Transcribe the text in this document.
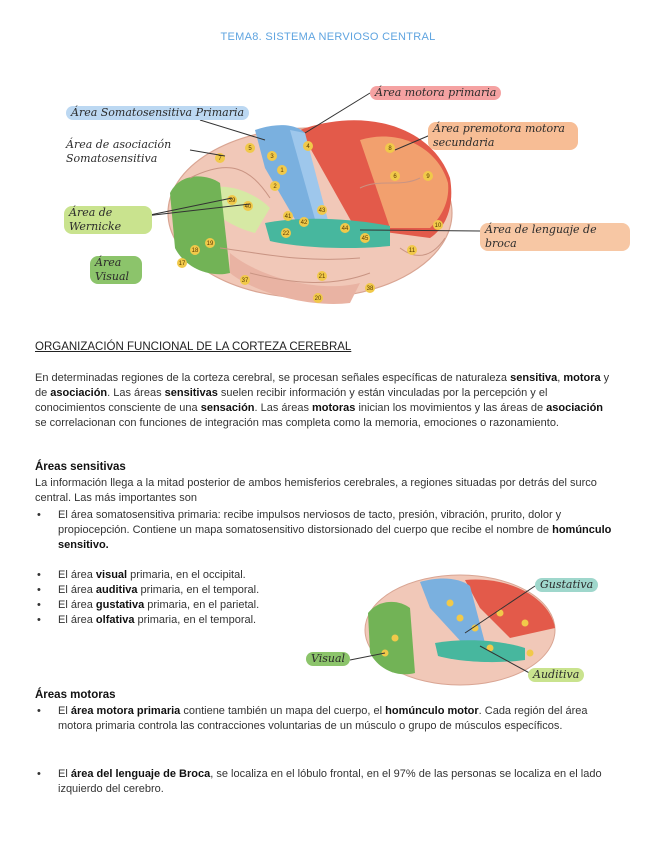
TEMA8. SISTEMA NERVIOSO CENTRAL
5
7	3
1
2
4
6
8
9
39
40
41
42
43
44
45
22
21
38
37
20
19
18
17
10
11
Área Somatosensitiva Primaria
Área de asociación Somatosensitiva
Área de Wernicke
Área Visual
Área motora primaria
Área premotora motora secundaria
Área de lenguaje de broca
ORGANIZACIÓN FUNCIONAL DE LA CORTEZA CEREBRAL
En determinadas regiones de la corteza cerebral, se procesan señales específicas de naturaleza sensitiva, motora y de asociación. Las áreas sensitivas suelen recibir información y están vinculadas por la percepción y el conocimientos consciente de una sensación. Las áreas motoras inician los movimientos y las áreas de asociación se correlacionan con funciones de integración mas completa como la memoria, emociones o razonamiento.
Áreas sensitivas
La información llega a la mitad posterior de ambos hemisferios cerebrales, a regiones situadas por detrás del surco central. Las más importantes son
• El área somatosensitiva primaria: recibe impulsos nerviosos de tacto, presión, vibración, prurito, dolor y propiocepción. Contiene un mapa somatosensitivo distorsionado del cuerpo que recibe el nombre de homúnculo sensitivo.
• El área visual primaria, en el occipital.
• El área auditiva primaria, en el temporal.
• El área gustativa primaria, en el parietal.
• El área olfativa primaria, en el temporal.
Gustativa
Visual
Auditiva
Áreas motoras
• El área motora primaria contiene también un mapa del cuerpo, el homúnculo motor. Cada región del área motora primaria controla las contracciones voluntarias de un músculo o grupo de músculos específicos.
• El área del lenguaje de Broca, se localiza en el lóbulo frontal, en el 97% de las personas se localiza en el lado izquierdo del cerebro.
